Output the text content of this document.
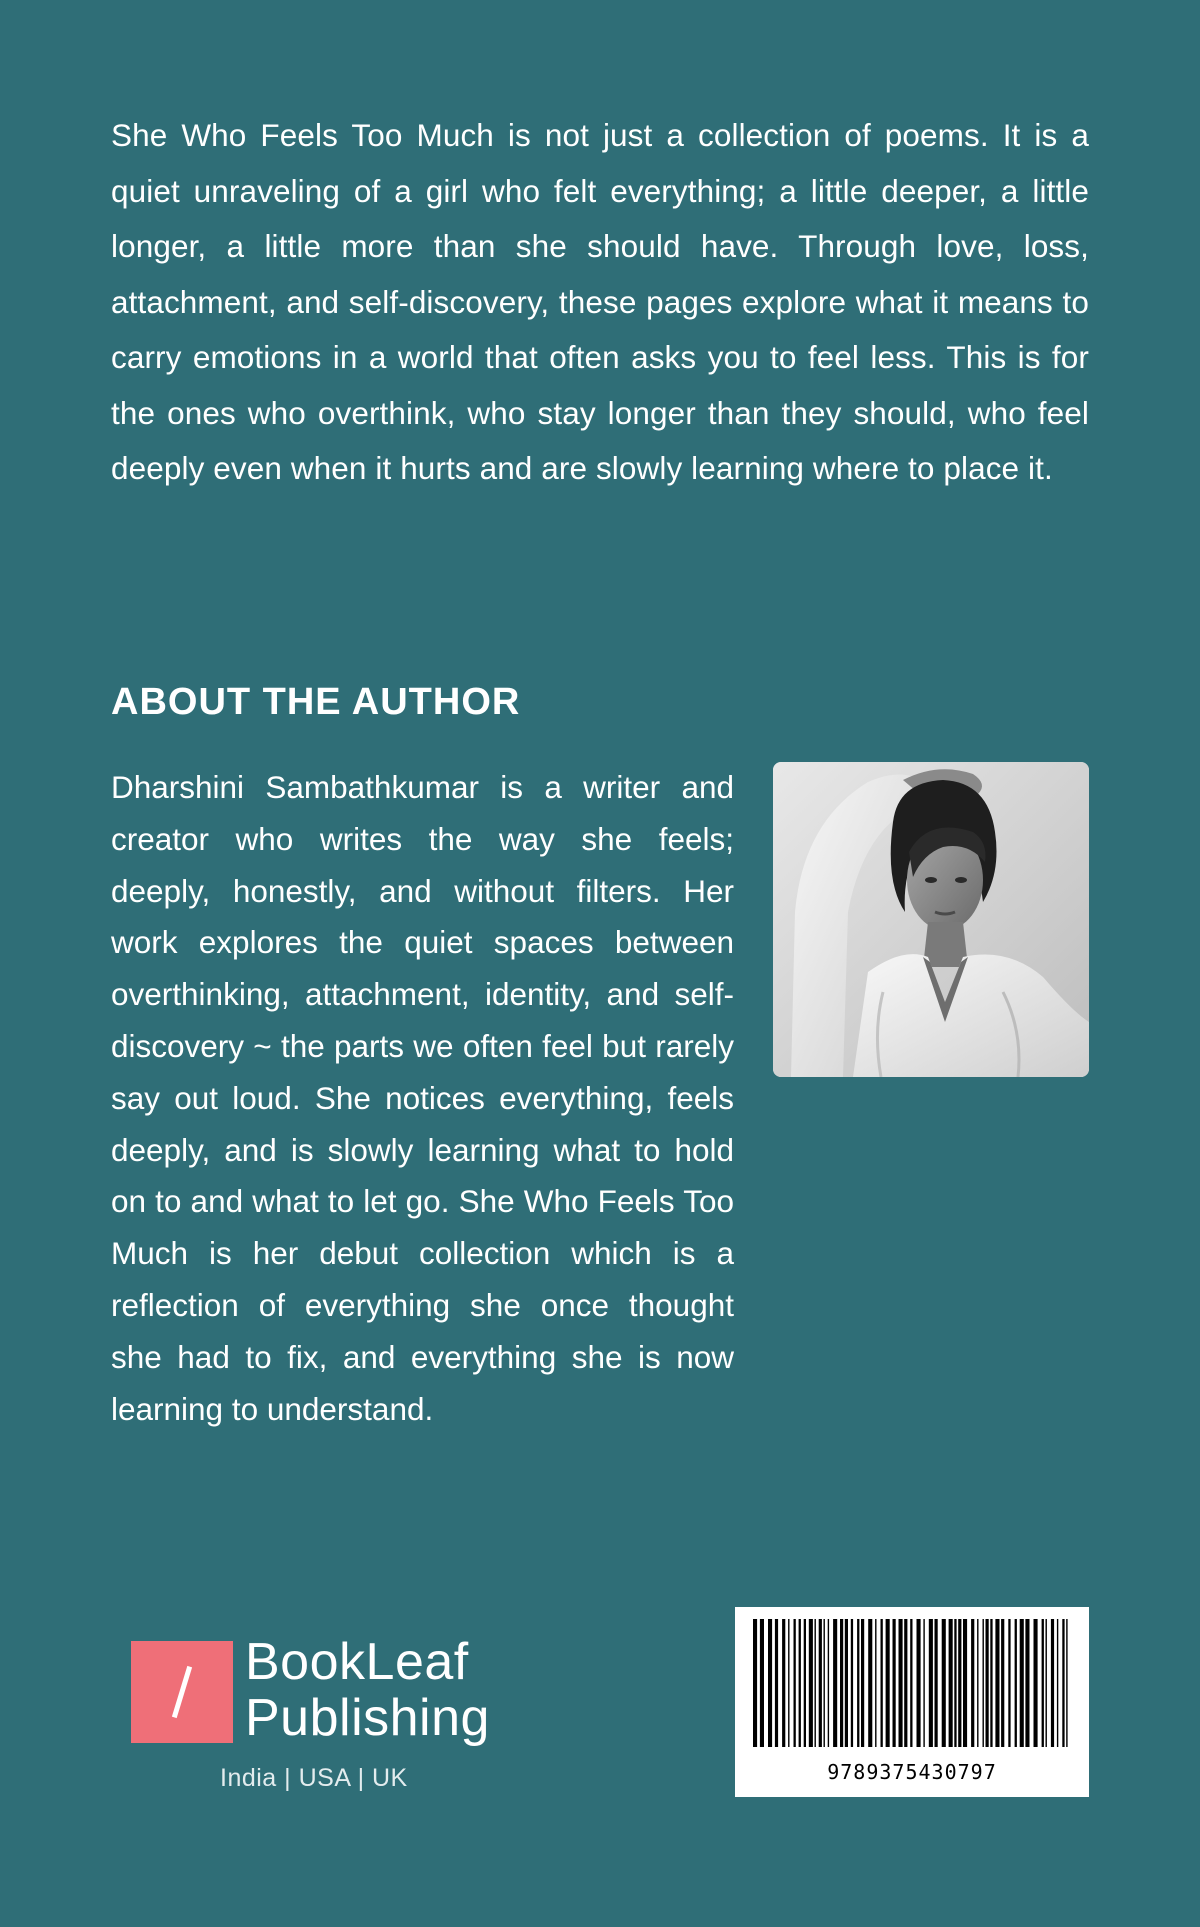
She Who Feels Too Much is not just a collection of poems. It is a quiet unraveling of a girl who felt everything; a little deeper, a little longer, a little more than she should have. Through love, loss, attachment, and self-discovery, these pages explore what it means to carry emotions in a world that often asks you to feel less. This is for the ones who overthink, who stay longer than they should, who feel deeply even when it hurts and are slowly learning where to place it.

ABOUT THE AUTHOR

Dharshini Sambathkumar is a writer and creator who writes the way she feels; deeply, honestly, and without filters. Her work explores the quiet spaces between overthinking, attachment, identity, and self-discovery ~ the parts we often feel but rarely say out loud. She notices everything, feels deeply, and is slowly learning what to hold on to and what to let go. She Who Feels Too Much is her debut collection which is a reflection of everything she once thought she had to fix, and everything she is now learning to understand.

BookLeaf
Publishing
India | USA | UK	9789375430797
